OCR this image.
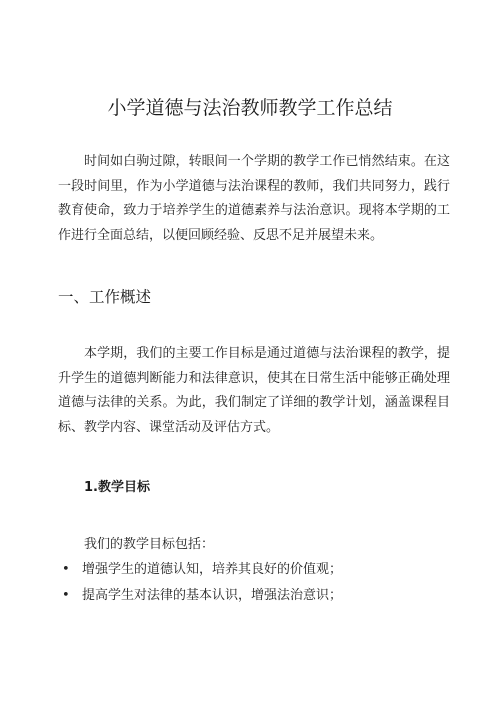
小学道德与法治教师教学工作总结

时间如白驹过隙，转眼间一个学期的教学工作已悄然结束。在这一段时间里，作为小学道德与法治课程的教师，我们共同努力，践行教育使命，致力于培养学生的道德素养与法治意识。现将本学期的工作进行全面总结，以便回顾经验、反思不足并展望未来。

一、工作概述

本学期，我们的主要工作目标是通过道德与法治课程的教学，提升学生的道德判断能力和法律意识，使其在日常生活中能够正确处理道德与法律的关系。为此，我们制定了详细的教学计划，涵盖课程目标、教学内容、课堂活动及评估方式。

1.教学目标
我们的教学目标包括：
• 增强学生的道德认知，培养其良好的价值观；
• 提高学生对法律的基本认识，增强法治意识；
